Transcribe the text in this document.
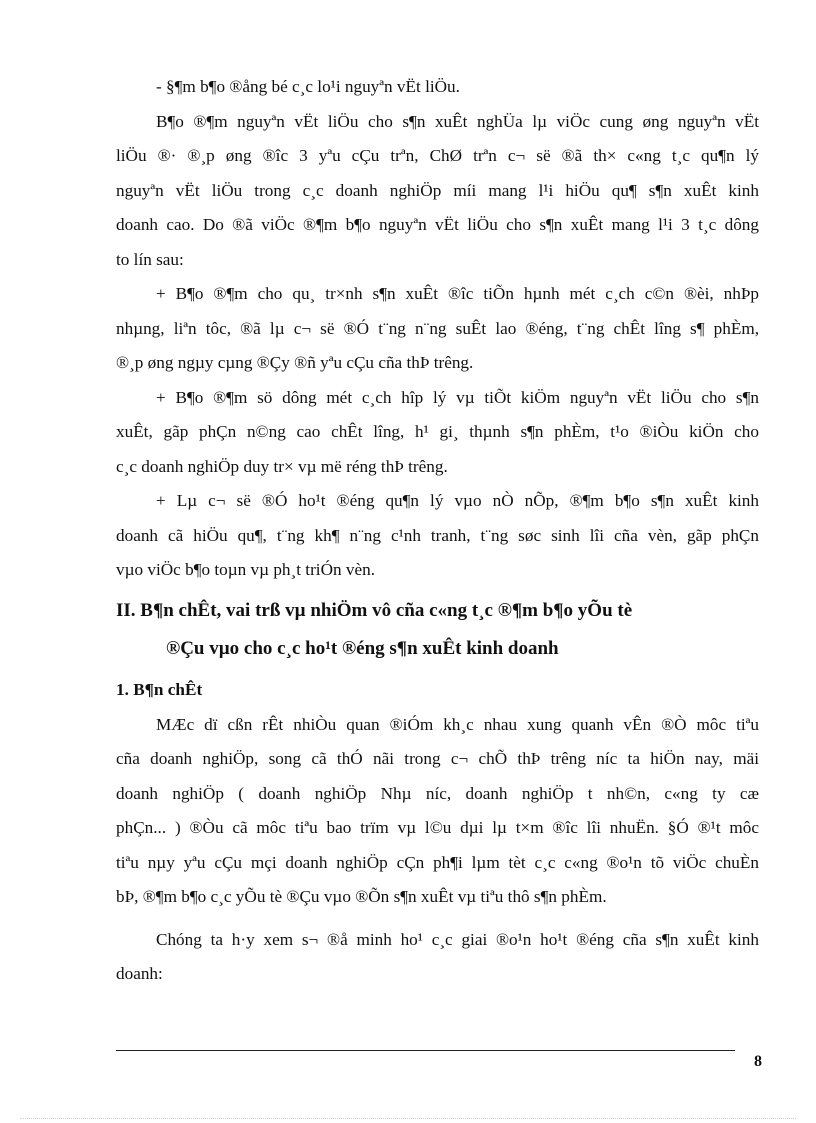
- §¶m b¶o ®ång bé c¸c lo¹i nguyªn vËt liÖu.
B¶o ®¶m nguyªn vËt liÖu cho s¶n xuÊt nghÜa lµ viÖc cung øng nguyªn vËt
liÖu ®· ®¸p øng ®îc 3 yªu cÇu trªn, ChØ trªn c¬ së ®ã th× c«ng t¸c qu¶n lý
nguyªn vËt liÖu trong c¸c doanh nghiÖp míi mang l¹i hiÖu qu¶ s¶n xuÊt kinh
doanh cao. Do ®ã viÖc ®¶m b¶o nguyªn vËt liÖu cho s¶n xuÊt mang l¹i 3 t¸c dông
to lín sau:
+ B¶o ®¶m cho qu¸ tr×nh s¶n xuÊt ®îc tiÕn hµnh mét c¸ch c©n ®èi, nhÞp
nhµng, liªn tôc, ®ã lµ c¬ së ®Ó t¨ng n¨ng suÊt lao ®éng, t¨ng chÊt lîng s¶ phÈm,
®¸p øng ngµy cµng ®Çy ®ñ yªu cÇu cña thÞ trêng.
+ B¶o ®¶m sö dông mét c¸ch hîp lý vµ tiÕt kiÖm nguyªn vËt liÖu cho s¶n
xuÊt, gãp phÇn n©ng cao chÊt lîng, h¹ gi¸ thµnh s¶n phÈm, t¹o ®iÒu kiÖn cho
c¸c doanh nghiÖp duy tr× vµ më réng thÞ trêng.
+ Lµ c¬ së ®Ó ho¹t ®éng qu¶n lý vµo nÒ nÕp, ®¶m b¶o s¶n xuÊt kinh
doanh cã hiÖu qu¶, t¨ng kh¶ n¨ng c¹nh tranh, t¨ng søc sinh lîi cña vèn, gãp phÇn
vµo viÖc b¶o toµn vµ ph¸t triÓn vèn.
II. B¶n chÊt, vai trß vµ nhiÖm vô cña c«ng t¸c ®¶m b¶o yÕu tè
®Çu vµo cho c¸c ho¹t ®éng s¶n xuÊt kinh doanh
1. B¶n chÊt
MÆc dï cßn rÊt nhiÒu quan ®iÓm kh¸c nhau xung quanh vÊn ®Ò môc tiªu
cña doanh nghiÖp, song cã thÓ nãi trong c¬ chÕ thÞ trêng níc ta hiÖn nay, mäi
doanh nghiÖp ( doanh nghiÖp Nhµ níc, doanh nghiÖp t nh©n, c«ng ty cæ
phÇn... ) ®Òu cã môc tiªu bao trïm vµ l©u dµi lµ t×m ®îc lîi nhuËn. §Ó ®¹t môc
tiªu nµy yªu cÇu mçi doanh nghiÖp cÇn ph¶i lµm tèt c¸c c«ng ®o¹n tõ viÖc chuÈn
bÞ, ®¶m b¶o c¸c yÕu tè ®Çu vµo ®Õn s¶n xuÊt vµ tiªu thô s¶n phÈm.
Chóng ta h·y xem s¬ ®å minh ho¹ c¸c giai ®o¹n ho¹t ®éng cña s¶n xuÊt kinh
doanh:
8
